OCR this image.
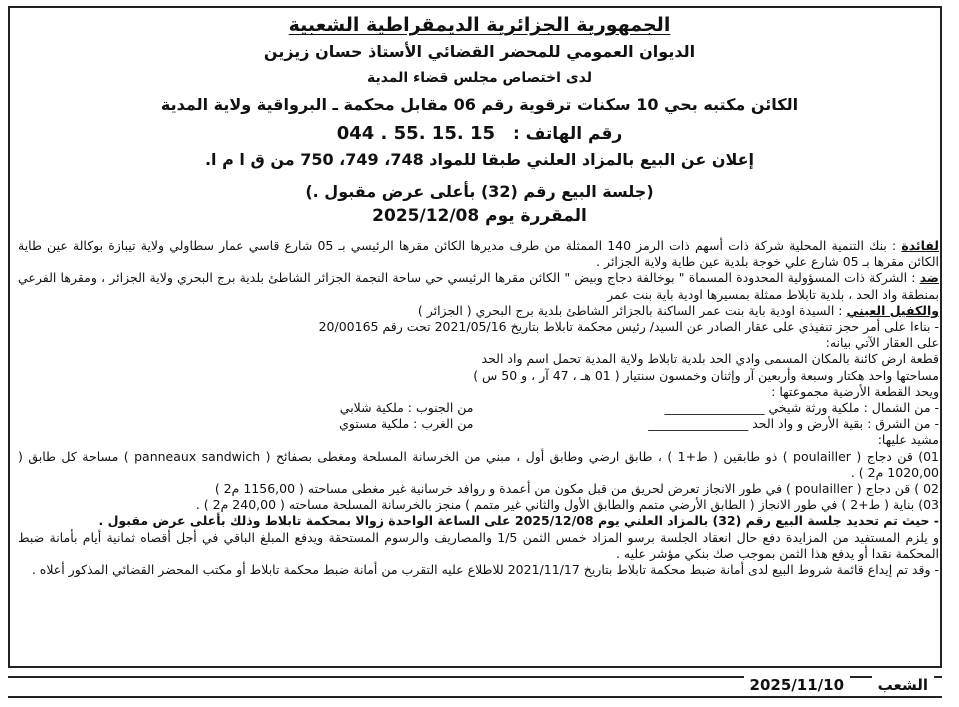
الجمهورية الجزائرية الديمقراطية الشعبية
الديوان العمومي للمحضر القضائي الأستاذ حسان زيزين
لدى اختصاص مجلس قضاء المدية
الكائن مكتبه بحي 10 سكنات ترقوية رقم 06 مقابل محكمة ـ البرواقية ولاية المدية
رقم الهاتف : 044 . 55. 15. 15
إعلان عن البيع بالمزاد العلني طبقا للمواد 748، 749، 750 من ق ا م ا.
(جلسة البيع رقم (32) بأعلى عرض مقبول .)
المقررة يوم 2025/12/08

لفائدة : بنك التنمية المحلية شركة ذات أسهم ذات الرمز 140 الممثلة من طرف مديرها الكائن مقرها الرئيسي بـ 05 شارع قاسي عمار سطاولي ولاية تيبازة بوكالة عين طاية الكائن مقرها بـ 05 شارع علي خوجة بلدية عين طاية ولاية الجزائر .

ضد : الشركة ذات المسؤولية المحدودة المسماة " بوخالفة دجاج وبيض " الكائن مقرها الرئيسي حي ساحة النجمة الجزائر الشاطئ بلدية برج البحري ولاية الجزائر ، ومقرها الفرعي بمنطقة واد الحد ، بلدية تابلاط ممثلة بمسيرها اودية باية بنت عمر

والكفيل العيني : السيدة اودية باية بنت عمر الساكنة بالجزائر الشاطئ بلدية برج البحري ( الجزائر )

- بناءا على أمر حجز تنفيذي على عقار الصادر عن السيد/ رئيس محكمة تابلاط بتاريخ 2021/05/16 تحت رقم 20/00165

على العقار الآتي بيانه:

قطعة ارض كائنة بالمكان المسمى وادي الحد بلدية تابلاط ولاية المدية تحمل اسم واد الحد

مساحتها واحد هكتار وسبعة وأربعين آر وإثنان وخمسون سنتيار ( 01 هـ ، 47 آر ، و 50 س )

ويحد القطعة الأرضية مجموعتها :

- من الشمال : ملكية ورثة شيخي ________________
من الجنوب : ملكية شلابي
- من الشرق : بقية الأرض و واد الحد ________________
من الغرب : ملكية مستوي

مشيد عليها:

01) قن دجاج ( poulailler ) ذو طابقين ( ط+1 ) ، طابق ارضي وطابق أول ، مبني من الخرسانة المسلحة ومغطى بصفائح ( panneaux sandwich ) مساحة كل طابق ( 1020,00 م2 ) .

02 ) قن دجاج ( poulailler ) في طور الانجاز تعرض لحريق من قبل مكون من أعمدة و روافد خرسانية غير مغطى مساحته ( 1156,00 م2 )

03) بناية ( ط+2 ) في طور الانجاز ( الطابق الأرضي متمم والطابق الأول والثاني غير متمم ) منجز بالخرسانة المسلحة مساحته ( 240,00 م2 ) .

- حيث تم تحديد جلسة البيع رقم (32) بالمزاد العلني يوم 2025/12/08 على الساعة الواحدة زوالا بمحكمة تابلاط وذلك بأعلى عرض مقبول .

و يلزم المستفيد من المزايدة دفع حال انعقاد الجلسة برسو المزاد خمس الثمن 1/5 والمصاريف والرسوم المستحقة ويدفع المبلغ الباقي في أجل أقصاه ثمانية أيام بأمانة ضبط المحكمة نقدا أو يدفع هذا الثمن بموجب صك بنكي مؤشر عليه .

- وقد تم إيداع قائمة شروط البيع لدى أمانة ضبط محكمة تابلاط بتاريخ 2021/11/17 للاطلاع عليه التقرب من أمانة ضبط محكمة تابلاط أو مكتب المحضر القضائي المذكور أعلاه .

الشعب
2025/11/10
